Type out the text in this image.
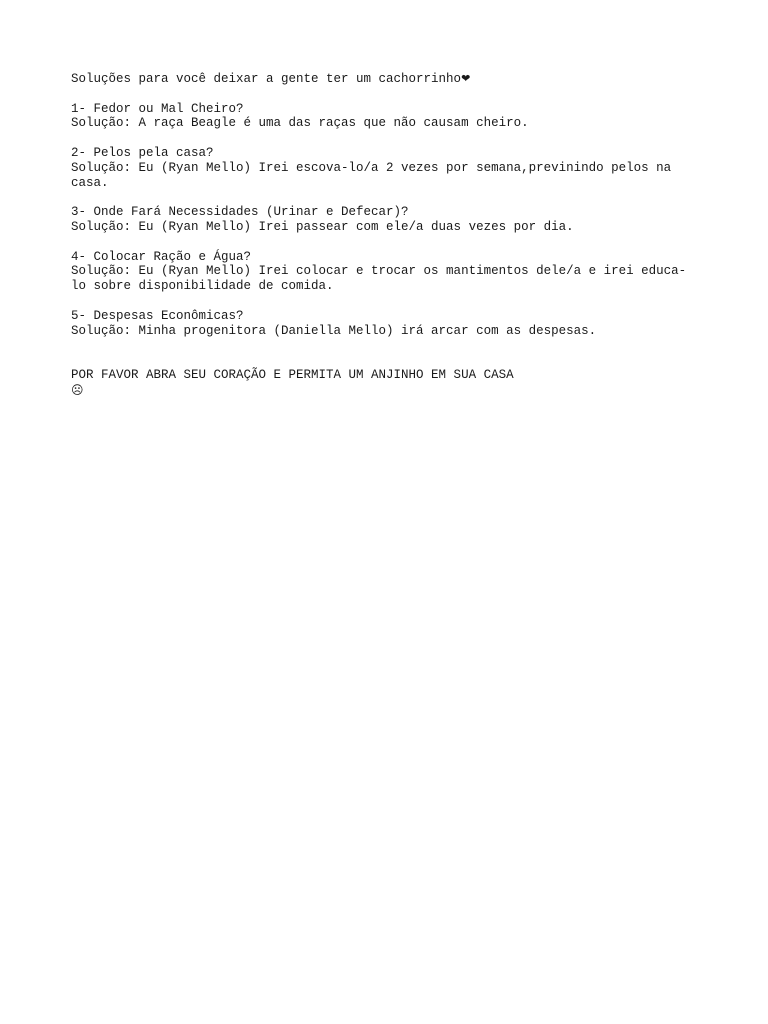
Soluções para você deixar a gente ter um cachorrinho❤
1- Fedor ou Mal Cheiro?
Solução: A raça Beagle é uma das raças que não causam cheiro.
2- Pelos pela casa?
Solução: Eu (Ryan Mello) Irei escova-lo/a 2 vezes por semana,previnindo pelos na
casa.
3- Onde Fará Necessidades (Urinar e Defecar)?
Solução: Eu (Ryan Mello) Irei passear com ele/a duas vezes por dia.
4- Colocar Ração e Água?
Solução: Eu (Ryan Mello) Irei colocar e trocar os mantimentos dele/a e irei educa-
lo sobre disponibilidade de comida.
5- Despesas Econômicas?
Solução: Minha progenitora (Daniella Mello) irá arcar com as despesas.
POR FAVOR ABRA SEU CORAÇÃO E PERMITA UM ANJINHO EM SUA CASA
☹
